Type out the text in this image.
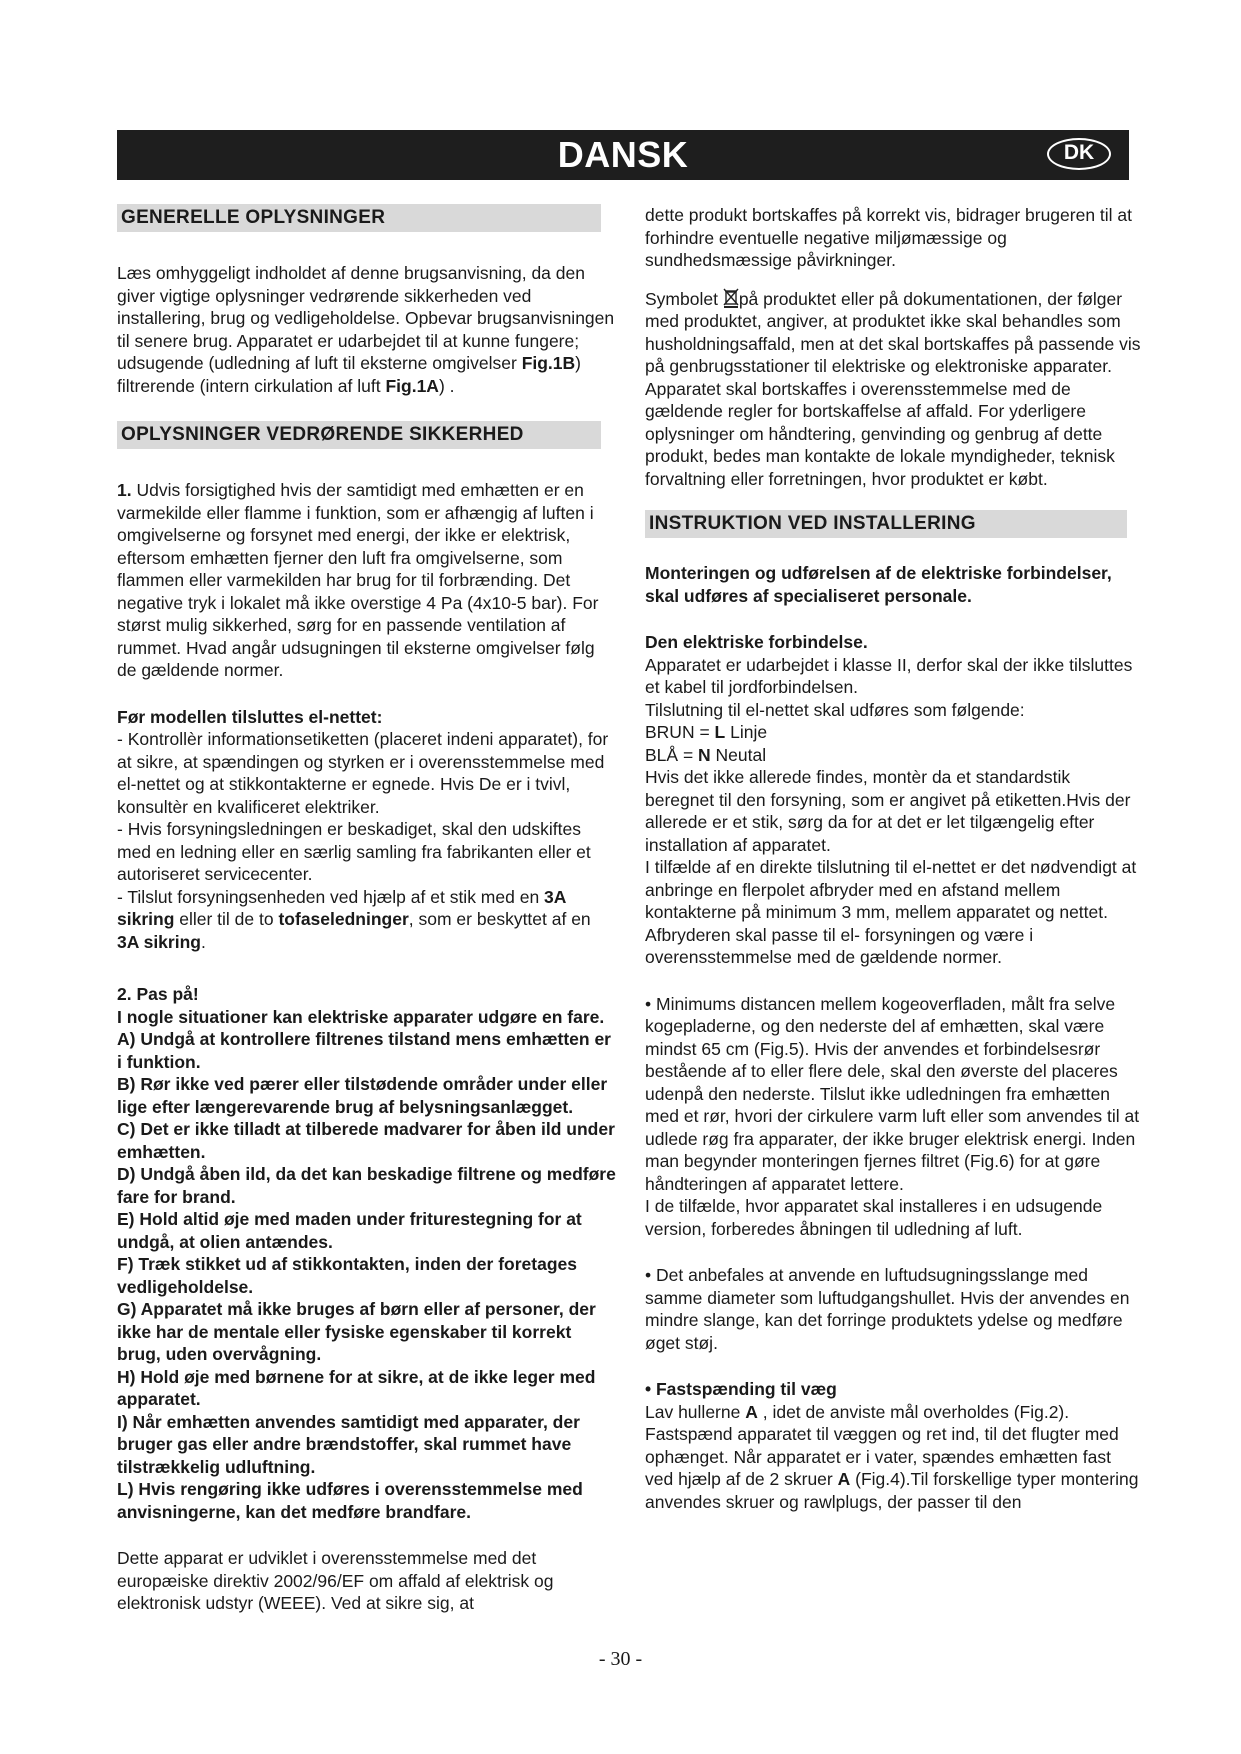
DANSK	DK
GENERELLE OPLYSNINGER

Læs omhyggeligt indholdet af denne brugsanvisning, da den giver vigtige oplysninger vedrørende sikkerheden ved installering, brug og vedligeholdelse. Opbevar brugsanvisningen til senere brug. Apparatet er udarbejdet til at kunne fungere; udsugende (udledning af luft til eksterne omgivelser Fig.1B) filtrerende (intern cirkulation af luft Fig.1A) .

OPLYSNINGER VEDRØRENDE SIKKERHED

1. Udvis forsigtighed hvis der samtidigt med emhætten er en varmekilde eller flamme i funktion, som er afhængig af luften i omgivelserne og forsynet med energi, der ikke er elektrisk, eftersom emhætten fjerner den luft fra omgivelserne, som flammen eller varmekilden har brug for til forbrænding. Det negative tryk i lokalet må ikke overstige 4 Pa (4x10-5 bar). For størst mulig sikkerhed, sørg for en passende ventilation af rummet. Hvad angår udsugningen til eksterne omgivelser følg de gældende normer.

Før modellen tilsluttes el-nettet:

- Kontrollèr informationsetiketten (placeret indeni apparatet), for at sikre, at spændingen og styrken er i overensstemmelse med el-nettet og at stikkontakterne er egnede. Hvis De er i tvivl, konsultèr en kvalificeret elektriker.

- Hvis forsyningsledningen er beskadiget, skal den udskiftes med en ledning eller en særlig samling fra fabrikanten eller et autoriseret servicecenter.

- Tilslut forsyningsenheden ved hjælp af et stik med en 3A sikring eller til de to tofaseledninger, som er beskyttet af en 3A sikring.

2. Pas på!

I nogle situationer kan elektriske apparater udgøre en fare.

A) Undgå at kontrollere filtrenes tilstand mens emhætten er i funktion.

B) Rør ikke ved pærer eller tilstødende områder under eller lige efter længerevarende brug af belysningsanlægget.

C) Det er ikke tilladt at tilberede madvarer for åben ild under emhætten.

D) Undgå åben ild, da det kan beskadige filtrene og medføre fare for brand.

E) Hold altid øje med maden under friturestegning for at undgå, at olien antændes.

F) Træk stikket ud af stikkontakten, inden der foretages vedligeholdelse.

G) Apparatet må ikke bruges af børn eller af personer, der ikke har de mentale eller fysiske egenskaber til korrekt brug, uden overvågning.

H) Hold øje med børnene for at sikre, at de ikke leger med apparatet.

I) Når emhætten anvendes samtidigt med apparater, der bruger gas eller andre brændstoffer, skal rummet have tilstrækkelig udluftning.

L) Hvis rengøring ikke udføres i overensstemmelse med anvisningerne, kan det medføre brandfare.

Dette apparat er udviklet i overensstemmelse med det europæiske direktiv 2002/96/EF om affald af elektrisk og elektronisk udstyr (WEEE). Ved at sikre sig, at

dette produkt bortskaffes på korrekt vis, bidrager brugeren til at forhindre eventuelle negative miljømæssige og sundhedsmæssige påvirkninger.

Symbolet på produktet eller på dokumentationen, der følger med produktet, angiver, at produktet ikke skal behandles som husholdningsaffald, men at det skal bortskaffes på passende vis på genbrugsstationer til elektriske og elektroniske apparater. Apparatet skal bortskaffes i overensstemmelse med de gældende regler for bortskaffelse af affald. For yderligere oplysninger om håndtering, genvinding og genbrug af dette produkt, bedes man kontakte de lokale myndigheder, teknisk forvaltning eller forretningen, hvor produktet er købt.

INSTRUKTION VED INSTALLERING

Monteringen og udførelsen af de elektriske forbindelser, skal udføres af specialiseret personale.

Den elektriske forbindelse.

Apparatet er udarbejdet i klasse II, derfor skal der ikke tilsluttes et kabel til jordforbindelsen.

Tilslutning til el-nettet skal udføres som følgende:

BRUN = L Linje

BLÅ = N Neutal

Hvis det ikke allerede findes, montèr da et standardstik beregnet til den forsyning, som er angivet på etiketten.Hvis der allerede er et stik, sørg da for at det er let tilgængelig efter installation af apparatet.

I tilfælde af en direkte tilslutning til el-nettet er det nødvendigt at anbringe en flerpolet afbryder med en afstand mellem kontakterne på minimum 3 mm, mellem apparatet og nettet. Afbryderen skal passe til el- forsyningen og være i overensstemmelse med de gældende normer.

• Minimums distancen mellem kogeoverfladen, målt fra selve kogepladerne, og den nederste del af emhætten, skal være mindst 65 cm (Fig.5). Hvis der anvendes et forbindelsesrør bestående af to eller flere dele, skal den øverste del placeres udenpå den nederste. Tilslut ikke udledningen fra emhætten med et rør, hvori der cirkulere varm luft eller som anvendes til at udlede røg fra apparater, der ikke bruger elektrisk energi. Inden man begynder monteringen fjernes filtret (Fig.6) for at gøre håndteringen af apparatet lettere.

I de tilfælde, hvor apparatet skal installeres i en udsugende version, forberedes åbningen til udledning af luft.

• Det anbefales at anvende en luftudsugningsslange med samme diameter som luftudgangshullet. Hvis der anvendes en mindre slange, kan det forringe produktets ydelse og medføre øget støj.

• Fastspænding til væg

Lav hullerne A , idet de anviste mål overholdes (Fig.2). Fastspænd apparatet til væggen og ret ind, til det flugter med ophænget. Når apparatet er i vater, spændes emhætten fast ved hjælp af de 2 skruer A (Fig.4).Til forskellige typer montering anvendes skruer og rawlplugs, der passer til den

- 30 -
